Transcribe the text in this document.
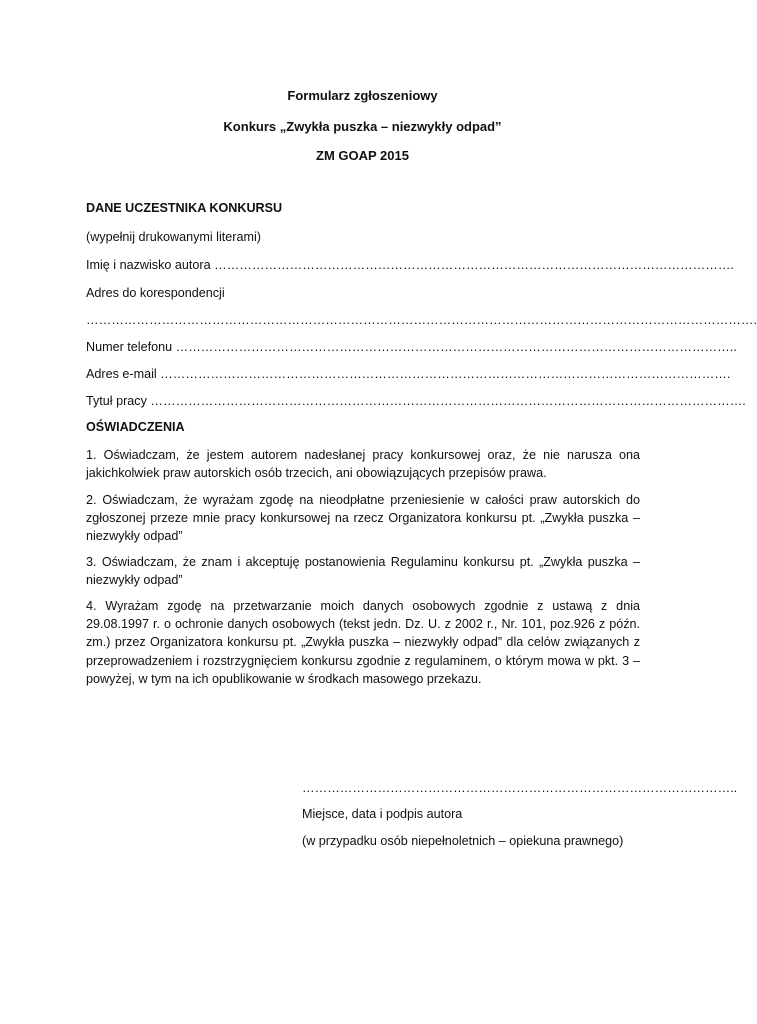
Formularz zgłoszeniowy
Konkurs „Zwykła puszka – niezwykły odpad”
ZM GOAP 2015
DANE UCZESTNIKA KONKURSU
(wypełnij drukowanymi literami)
Imię i nazwisko autora …………………………………………………………………………………………………………….
Adres do korespondencji
…………………………………………………………………………………………………………………………………………….
Numer telefonu ……………………………………………………………………………………………………………………..
Adres e-mail ……………………………………………………………………………………………………………………….
Tytuł pracy …………………………………………………………………………………………………………………………….
OŚWIADCZENIA
1. Oświadczam, że jestem autorem nadesłanej pracy konkursowej oraz, że nie narusza ona jakichkolwiek praw autorskich osób trzecich, ani obowiązujących przepisów prawa.
2. Oświadczam, że wyrażam zgodę na nieodpłatne przeniesienie w całości praw autorskich do zgłoszonej przeze mnie pracy konkursowej na rzecz Organizatora konkursu pt. „Zwykła puszka – niezwykły odpad”
3. Oświadczam, że znam i akceptuję postanowienia Regulaminu konkursu pt. „Zwykła puszka – niezwykły odpad”
4. Wyrażam zgodę na przetwarzanie moich danych osobowych zgodnie z ustawą z dnia 29.08.1997 r. o ochronie danych osobowych (tekst jedn. Dz. U. z 2002 r., Nr. 101, poz.926 z późn. zm.) przez Organizatora konkursu pt. „Zwykła puszka – niezwykły odpad” dla celów związanych z przeprowadzeniem i rozstrzygnięciem konkursu zgodnie z regulaminem, o którym mowa w pkt. 3 – powyżej, w tym na ich opublikowanie w środkach masowego przekazu.
…………………………………………………………………………………………..
Miejsce, data i podpis autora
(w przypadku osób niepełnoletnich – opiekuna prawnego)
